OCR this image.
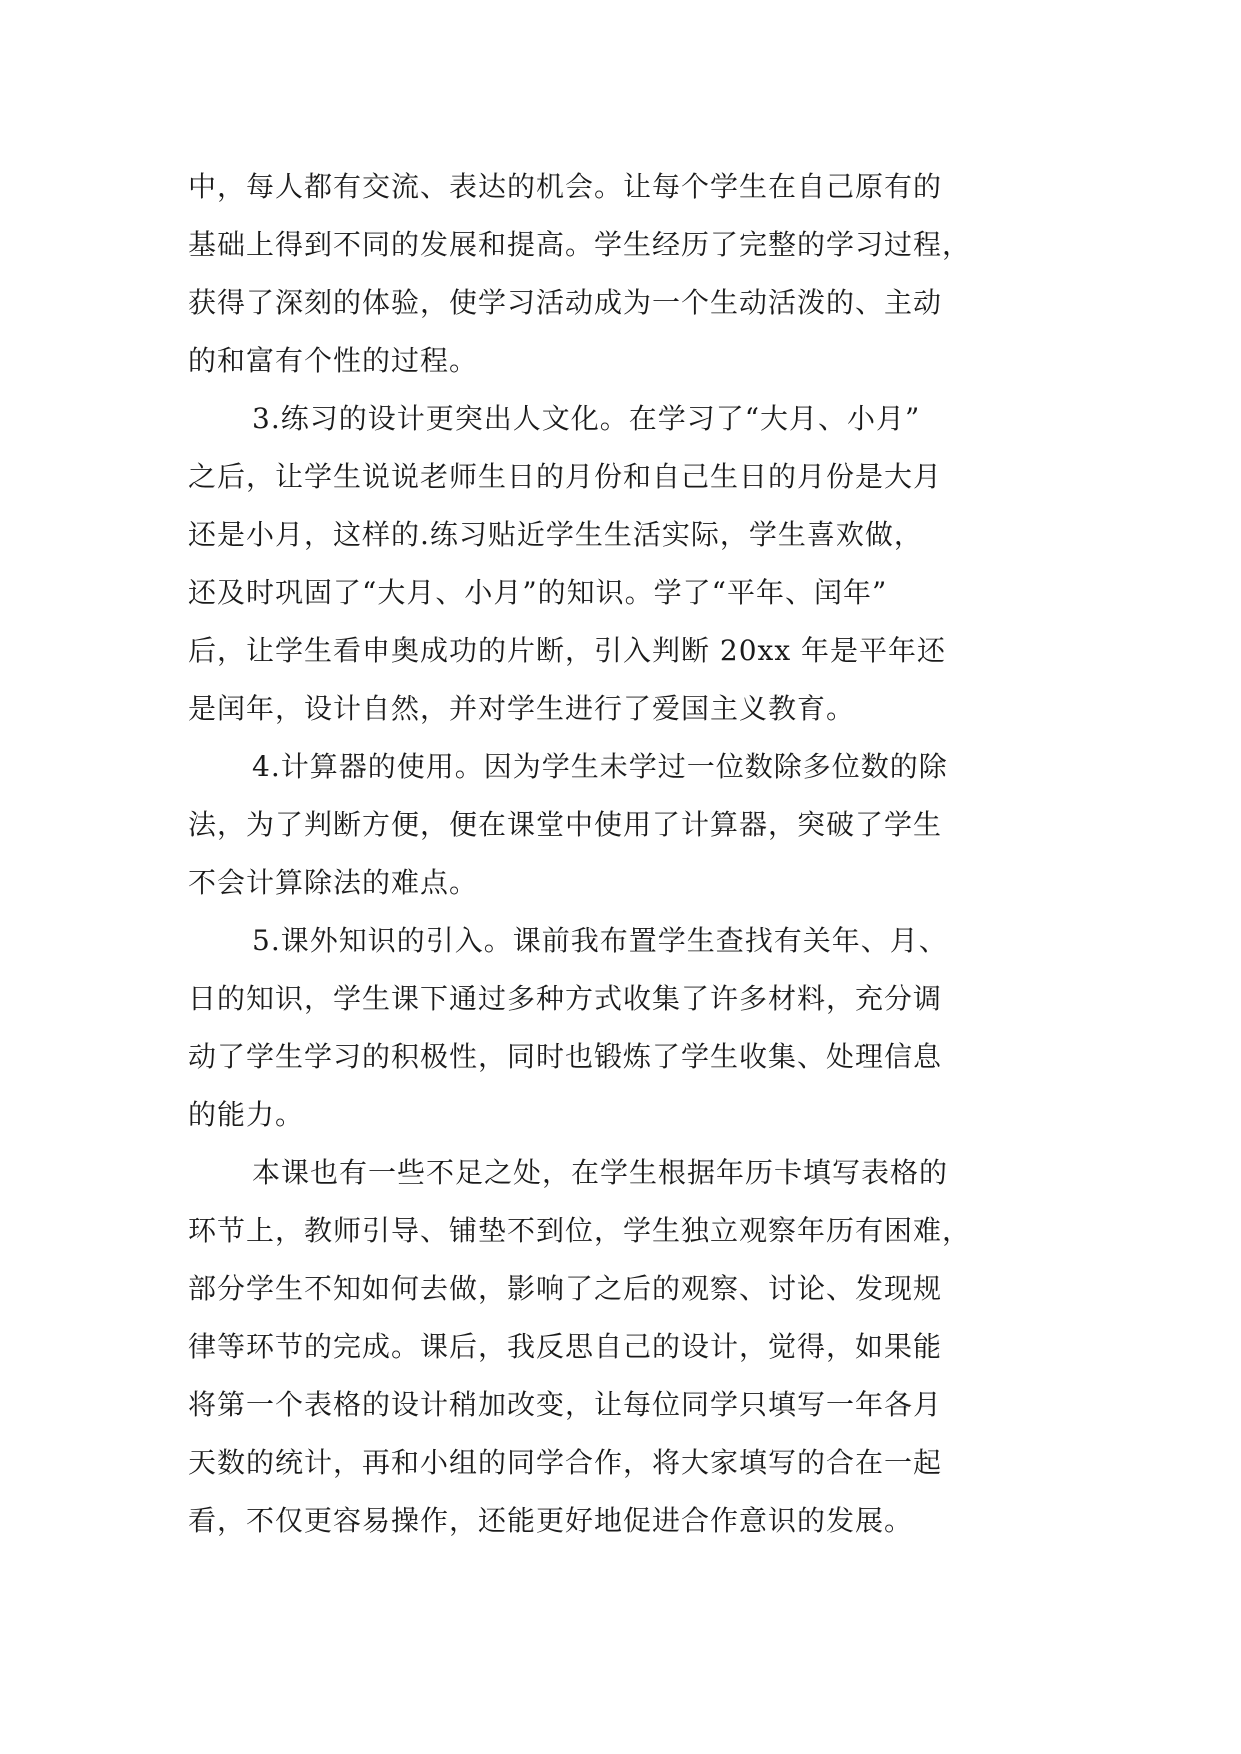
中，每人都有交流、表达的机会。让每个学生在自己原有的
基础上得到不同的发展和提高。学生经历了完整的学习过程，
获得了深刻的体验，使学习活动成为一个生动活泼的、主动
的和富有个性的过程。
3.练习的设计更突出人文化。在学习了“大月、小月”
之后，让学生说说老师生日的月份和自己生日的月份是大月
还是小月，这样的.练习贴近学生生活实际，学生喜欢做，
还及时巩固了“大月、小月”的知识。学了“平年、闰年”
后，让学生看申奥成功的片断，引入判断 20xx 年是平年还
是闰年，设计自然，并对学生进行了爱国主义教育。
4.计算器的使用。因为学生未学过一位数除多位数的除
法，为了判断方便，便在课堂中使用了计算器，突破了学生
不会计算除法的难点。
5.课外知识的引入。课前我布置学生查找有关年、月、
日的知识，学生课下通过多种方式收集了许多材料，充分调
动了学生学习的积极性，同时也锻炼了学生收集、处理信息
的能力。
本课也有一些不足之处，在学生根据年历卡填写表格的
环节上，教师引导、铺垫不到位，学生独立观察年历有困难，
部分学生不知如何去做，影响了之后的观察、讨论、发现规
律等环节的完成。课后，我反思自己的设计，觉得，如果能
将第一个表格的设计稍加改变，让每位同学只填写一年各月
天数的统计，再和小组的同学合作，将大家填写的合在一起
看，不仅更容易操作，还能更好地促进合作意识的发展。
